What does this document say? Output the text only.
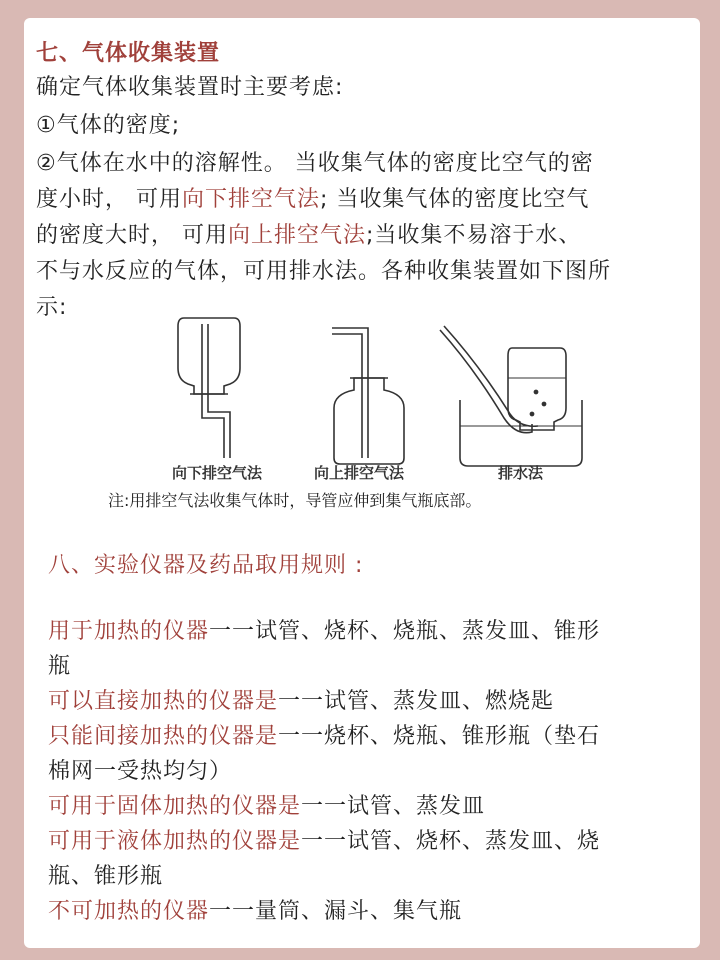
七、气体收集装置
确定气体收集装置时主要考虑:
①气体的密度;
②气体在水中的溶解性。 当收集气体的密度比空气的密
度小时， 可用向下排空气法; 当收集气体的密度比空气
的密度大时， 可用向上排空气法;当收集不易溶于水、
不与水反应的气体，可用排水法。各种收集装置如下图所
示:
向下排空气法	向上排空气法	排水法
注:用排空气法收集气体时，导管应伸到集气瓶底部。
八、实验仪器及药品取用规则 :
用于加热的仪器一一试管、烧杯、烧瓶、蒸发皿、锥形
瓶
可以直接加热的仪器是一一试管、蒸发皿、燃烧匙
只能间接加热的仪器是一一烧杯、烧瓶、锥形瓶（垫石
棉网一受热均匀）
可用于固体加热的仪器是一一试管、蒸发皿
可用于液体加热的仪器是一一试管、烧杯、蒸发皿、烧
瓶、锥形瓶
不可加热的仪器一一量筒、漏斗、集气瓶
